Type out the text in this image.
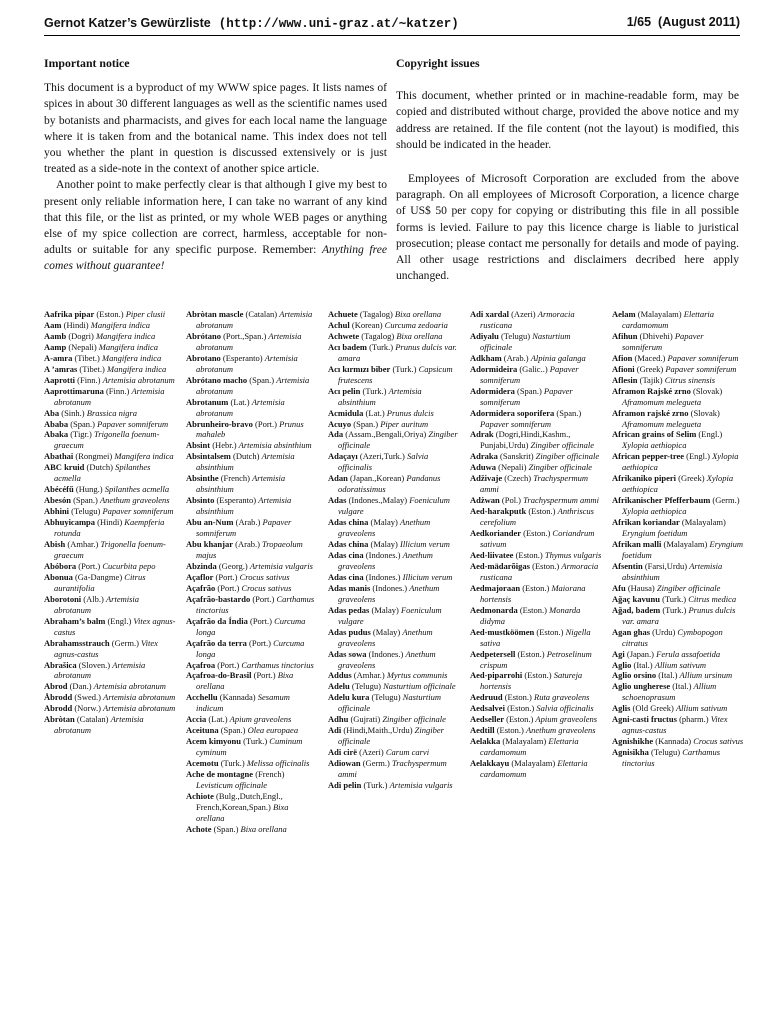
Gernot Katzer’s Gewürzliste (http://www.uni-graz.at/∼katzer)	1/65 (August 2011)
Important notice

This document is a byproduct of my WWW spice pages. It lists names of spices in about 30 different languages as well as the scientific names used by botanists and pharmacists, and gives for each local name the language where it is taken from and the botanical name. This index does not tell you whether the plant in question is discussed extensively or is just treated as a side-note in the context of another spice article.

Another point to make perfectly clear is that although I give my best to present only reliable information here, I can take no warrant of any kind that this file, or the list as printed, or my whole WEB pages or anything else of my spice collection are correct, harmless, acceptable for non-adults or suitable for any specific purpose. Remember: Anything free comes without guarantee!

Copyright issues

This document, whether printed or in machine-readable form, may be copied and distributed without charge, provided the above notice and my address are retained. If the file content (not the layout) is modified, this should be indicated in the header.

Employees of Microsoft Corporation are excluded from the above paragraph. On all employees of Microsoft Corporation, a licence charge of US$ 50 per copy for copying or distributing this file in all possible forms is levied. Failure to pay this licence charge is liable to juristical prosecution; please contact me personally for details and mode of paying. All other usage restrictions and disclaimers decribed here apply unchanged.

Aafrika pipar (Eston.) Piper clusii
Aam (Hindi) Mangifera indica
Aamb (Dogri) Mangifera indica
Aamp (Nepali) Mangifera indica
A-amra (Tibet.) Mangifera indica
A ’amras (Tibet.) Mangifera indica
Aaprotti (Finn.) Artemisia abrotanum
Aaprottimaruna (Finn.) Artemisia abrotanum
Aba (Sinh.) Brassica nigra
Ababa (Span.) Papaver somniferum
Abaka (Tigr.) Trigonella foenum-graecum
Abathai (Rongmei) Mangifera indica
ABC kruid (Dutch) Spilanthes acmella
Abécéfű (Hung.) Spilanthes acmella
Abesón (Span.) Anethum graveolens
Abhini (Telugu) Papaver somniferum
Abhuyicampa (Hindi) Kaempferia rotunda
Abish (Amhar.) Trigonella foenum-graecum
Abóbora (Port.) Cucurbita pepo
Abonua (Ga-Dangme) Citrus aurantifolia
Aborotoni (Alb.) Artemisia abrotanum
Abraham’s balm (Engl.) Vitex agnus-castus
Abrahamsstrauch (Germ.) Vitex agnus-castus
Abrašica (Sloven.) Artemisia abrotanum
Abrod (Dan.) Artemisia abrotanum
Åbrodd (Swed.) Artemisia abrotanum
Abrodd (Norw.) Artemisia abrotanum
Abròtan (Catalan) Artemisia abrotanum
Abròtan mascle (Catalan) Artemisia abrotanum
Abrótano (Port.,Span.) Artemisia abrotanum
Abrotano (Esperanto) Artemisia abrotanum
Abrótano macho (Span.) Artemisia abrotanum
Abrotanum (Lat.) Artemisia abrotanum
Abrunheiro-bravo (Port.) Prunus mahaleb
Absint (Hebr.) Artemisia absinthium
Absintalsem (Dutch) Artemisia absinthium
Absinthe (French) Artemisia absinthium
Absinto (Esperanto) Artemisia absinthium
Abu an-Num (Arab.) Papaver somniferum
Abu khanjar (Arab.) Tropaeolum majus
Abzinda (Georg.) Artemisia vulgaris
Açaflor (Port.) Crocus sativus
Açafrão (Port.) Crocus sativus
Açafrão-bastardo (Port.) Carthamus tinctorius
Açafrão da Índia (Port.) Curcuma longa
Açafrão da terra (Port.) Curcuma longa
Açafroa (Port.) Carthamus tinctorius
Açafroa-do-Brasil (Port.) Bixa orellana
Acchellu (Kannada) Sesamum indicum
Accia (Lat.) Apium graveolens
Aceituna (Span.) Olea europaea
Acem kimyonu (Turk.) Cuminum cyminum
Acemotu (Turk.) Melissa officinalis
Ache de montagne (French) Levisticum officinale
Achiote (Bulg.,Dutch,Engl., French,Korean,Span.) Bixa orellana
Achote (Span.) Bixa orellana
Achuete (Tagalog) Bixa orellana
Achul (Korean) Curcuma zedoaria
Achwete (Tagalog) Bixa orellana
Acı badem (Turk.) Prunus dulcis var. amara
Acı kırmızı biber (Turk.) Capsicum frutescens
Acı pelin (Turk.) Artemisia absinthium
Acmidula (Lat.) Prunus dulcis
Acuyo (Span.) Piper auritum
Ada (Assam.,Bengali,Oriya) Zingiber officinale
Adaçayı (Azeri,Turk.) Salvia officinalis
Adan (Japan.,Korean) Pandanus odoratissimus
Adas (Indones.,Malay) Foeniculum vulgare
Adas china (Malay) Anethum graveolens
Adas china (Malay) Illicium verum
Adas cina (Indones.) Anethum graveolens
Adas cina (Indones.) Illicium verum
Adas manis (Indones.) Anethum graveolens
Adas pedas (Malay) Foeniculum vulgare
Adas pudus (Malay) Anethum graveolens
Adas sowa (Indones.) Anethum graveolens
Addus (Amhar.) Myrtus communis
Adelu (Telugu) Nasturtium officinale
Adelu kura (Telugu) Nasturtium officinale
Adhu (Gujrati) Zingiber officinale
Adi (Hindi,Maith.,Urdu) Zingiber officinale
Adi cirë (Azeri) Carum carvi
Adiowan (Germ.) Trachyspermum ammi
Adi pelin (Turk.) Artemisia vulgaris
Adi xardal (Azeri) Armoracia rusticana
Adiyalu (Telugu) Nasturtium officinale
Adkham (Arab.) Alpinia galanga
Adormideira (Galic..) Papaver somniferum
Adormidera (Span.) Papaver somniferum
Adormidera soporifera (Span.) Papaver somniferum
Adrak (Dogri,Hindi,Kashm., Punjabi,Urdu) Zingiber officinale
Adraka (Sanskrit) Zingiber officinale
Aduwa (Nepali) Zingiber officinale
Adživaje (Czech) Trachyspermum ammi
Adżwan (Pol.) Trachyspermum ammi
Aed-harakputk (Eston.) Anthriscus cerefolium
Aedkoriander (Eston.) Coriandrum sativum
Aed-liivatee (Eston.) Thymus vulgaris
Aed-mädarõigas (Eston.) Armoracia rusticana
Aedmajoraan (Eston.) Maiorana hortensis
Aedmonarda (Eston.) Monarda didyma
Aed-mustköömen (Eston.) Nigella sativa
Aedpetersell (Eston.) Petroselinum crispum
Aed-piparrohi (Eston.) Satureja hortensis
Aedruud (Eston.) Ruta graveolens
Aedsalvei (Eston.) Salvia officinalis
Aedseller (Eston.) Apium graveolens
Aedtill (Eston.) Anethum graveolens
Aelakka (Malayalam) Elettaria cardamomum
Aelakkayu (Malayalam) Elettaria cardamomum
Aelam (Malayalam) Elettaria cardamomum
Afihun (Dhivehi) Papaver somniferum
Afion (Maced.) Papaver somniferum
Afioni (Greek) Papaver somniferum
Aflesin (Tajik) Citrus sinensis
Aframon Rajské zrno (Slovak) Aframomum melegueta
Aframon rajské zrno (Slovak) Aframomum melegueta
African grains of Selim (Engl.) Xylopia aethiopica
African pepper-tree (Engl.) Xylopia aethiopica
Afrikaniko piperi (Greek) Xylopia aethiopica
Afrikanischer Pfefferbaum (Germ.) Xylopia aethiopica
Afrikan koriandar (Malayalam) Eryngium foetidum
Afrikan malli (Malayalam) Eryngium foetidum
Afsentin (Farsi,Urdu) Artemisia absinthium
Afu (Hausa) Zingiber officinale
Ağaç kavunu (Turk.) Citrus medica
Ağad, badem (Turk.) Prunus dulcis var. amara
Agan ghas (Urdu) Cymbopogon citratus
Agi (Japan.) Ferula assafoetida
Aglio (Ital.) Allium sativum
Aglio orsino (Ital.) Allium ursinum
Aglio ungherese (Ital.) Allium schoenoprasum
Aglis (Old Greek) Allium sativum
Agni-casti fructus (pharm.) Vitex agnus-castus
Agnishikhe (Kannada) Crocus sativus
Agnisikha (Telugu) Carthamus tinctorius
